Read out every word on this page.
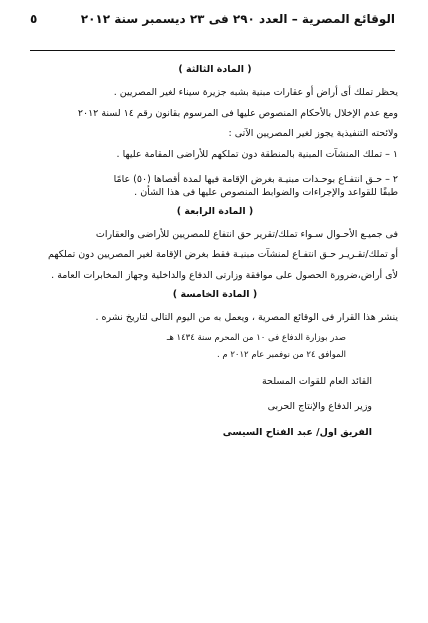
الوقائع المصرية – العدد ٢٩٠ فى ٢٣ ديسمبر سنة ٢٠١٢
٥
( المادة الثالثة )

يحظر تملك أى أراض أو عقارات مبنية بشبه جزيرة سيناء لغير المصريين .

ومع عدم الإخلال بالأحكام المنصوص عليها فى المرسوم بقانون رقم ١٤ لسنة ٢٠١٢

ولائحته التنفيذية يجوز لغير المصريين الآتى :

١ – تملك المنشآت المبنية بالمنطقة دون تملكهم للأراضى المقامة عليها .

٢ – حـق انتفـاع بوحـدات مبنيـة بغرض الإقامة فيها لمدة أقصاها (٥٠) عامًا

طبقًا للقواعد والإجراءات والضوابط المنصوص عليها فى هذا الشأن .

( المادة الرابعة )

فى جميـع الأحـوال سـواء تملك/تقرير حق انتفاع للمصريين للأراضى والعقارات

أو تملك/تقـريـر حـق انتفـاع لمنشآت مبنيـة فقط بغرض الإقامة لغير المصريين دون تملكهم

لأى أراض،ضرورة الحصول على موافقة وزارتى الدفاع والداخلية وجهاز المخابرات العامة .

( المادة الخامسة )

ينشر هذا القرار فى الوقائع المصرية ، ويعمل به من اليوم التالى لتاريخ نشره .

صدر بوزارة الدفاع فى ١٠ من المحرم سنة ١٤٣٤ هـ

الموافق ٢٤ من نوفمبر عام ٢٠١٢ م .

القائد العام للقوات المسلحة
وزير الدفاع والإنتاج الحربى
الفريق اول/ عبد الفتاح السيسى
